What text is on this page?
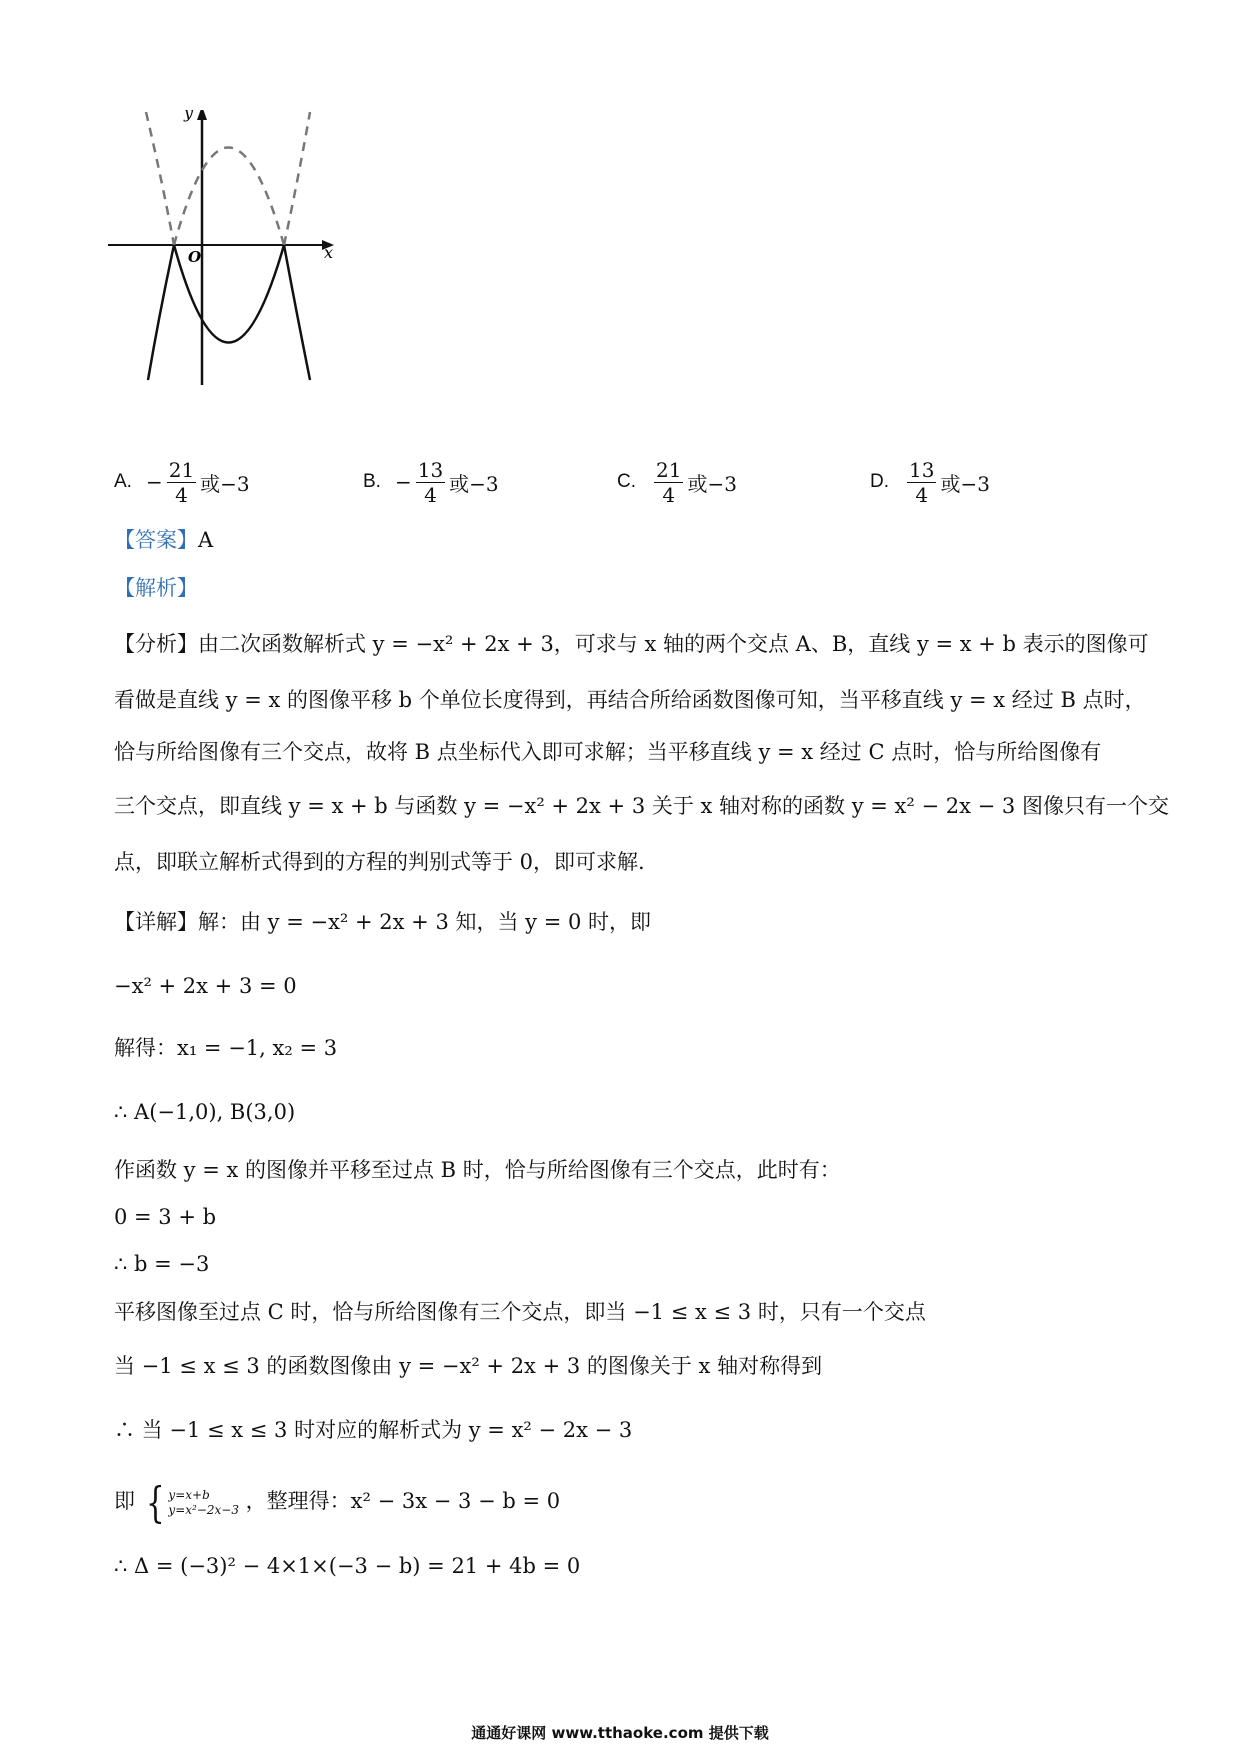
y
x
O
A. − $\frac{21}{4}$ 或−3	B. − $\frac{13}{4}$ 或−3	C. $\frac{21}{4}$ 或−3	D. $\frac{13}{4}$ 或−3
【答案】A
【解析】
【分析】由二次函数解析式 y = −x² + 2x + 3，可求与 x 轴的两个交点 A、B，直线 y = x + b 表示的图像可
看做是直线 y = x 的图像平移 b 个单位长度得到，再结合所给函数图像可知，当平移直线 y = x 经过 B 点时，
恰与所给图像有三个交点，故将 B 点坐标代入即可求解；当平移直线 y = x 经过 C 点时，恰与所给图像有
三个交点，即直线 y = x + b 与函数 y = −x² + 2x + 3 关于 x 轴对称的函数 y = x² − 2x − 3 图像只有一个交
点，即联立解析式得到的方程的判别式等于 0，即可求解.
【详解】解：由 y = −x² + 2x + 3 知，当 y = 0 时，即
−x² + 2x + 3 = 0
解得：x₁ = −1, x₂ = 3
∴ A(−1,0), B(3,0)
作函数 y = x 的图像并平移至过点 B 时，恰与所给图像有三个交点，此时有：
0 = 3 + b
∴ b = −3
平移图像至过点 C 时，恰与所给图像有三个交点，即当 −1 ≤ x ≤ 3 时，只有一个交点
当 −1 ≤ x ≤ 3 的函数图像由 y = −x² + 2x + 3 的图像关于 x 轴对称得到
∴ 当 −1 ≤ x ≤ 3 时对应的解析式为 y = x² − 2x − 3
即 { y=x+b
y=x²−2x−3 ，整理得：x² − 3x − 3 − b = 0
∴ Δ = (−3)² − 4×1×(−3 − b) = 21 + 4b = 0
通通好课网 www.tthaoke.com 提供下载
